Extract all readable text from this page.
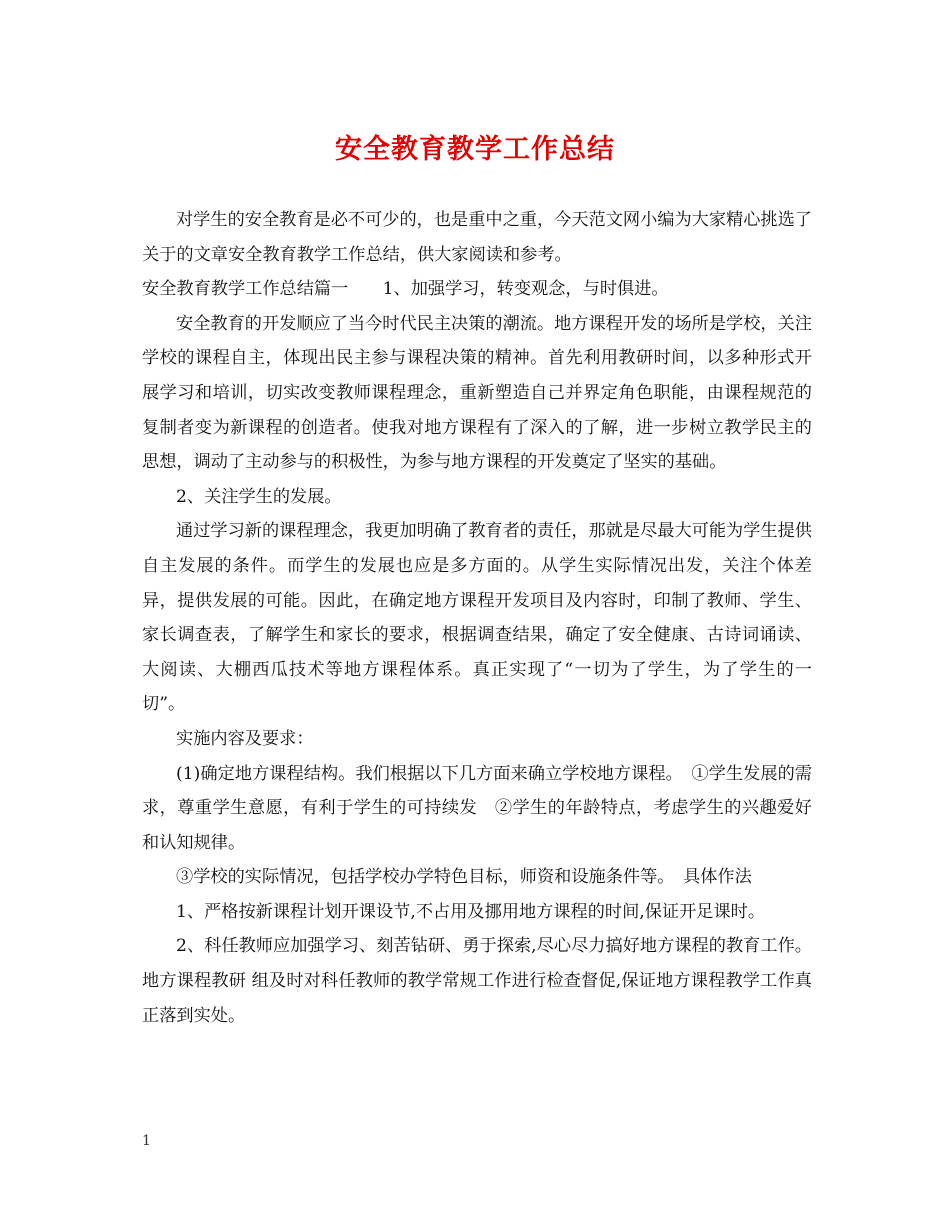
安全教育教学工作总结

对学生的安全教育是必不可少的，也是重中之重，今天范文网小编为大家精心挑选了关于的文章安全教育教学工作总结，供大家阅读和参考。

安全教育教学工作总结篇一　　1、加强学习，转变观念，与时俱进。

安全教育的开发顺应了当今时代民主决策的潮流。地方课程开发的场所是学校，关注学校的课程自主，体现出民主参与课程决策的精神。首先利用教研时间，以多种形式开展学习和培训，切实改变教师课程理念，重新塑造自己并界定角色职能，由课程规范的复制者变为新课程的创造者。使我对地方课程有了深入的了解，进一步树立教学民主的思想，调动了主动参与的积极性，为参与地方课程的开发奠定了坚实的基础。

2、关注学生的发展。

通过学习新的课程理念，我更加明确了教育者的责任，那就是尽最大可能为学生提供自主发展的条件。而学生的发展也应是多方面的。从学生实际情况出发，关注个体差异，提供发展的可能。因此，在确定地方课程开发项目及内容时，印制了教师、学生、家长调查表，了解学生和家长的要求，根据调查结果，确定了安全健康、古诗词诵读、大阅读、大棚西瓜技术等地方课程体系。真正实现了“一切为了学生，为了学生的一切”。

实施内容及要求：

(1)确定地方课程结构。我们根据以下几方面来确立学校地方课程。　①学生发展的需求，尊重学生意愿，有利于学生的可持续发　②学生的年龄特点，考虑学生的兴趣爱好和认知规律。

③学校的实际情况，包括学校办学特色目标，师资和设施条件等。　具体作法

1、严格按新课程计划开课设节,不占用及挪用地方课程的时间,保证开足课时。

2、科任教师应加强学习、刻苦钻研、勇于探索,尽心尽力搞好地方课程的教育工作。地方课程教研 组及时对科任教师的教学常规工作进行检查督促,保证地方课程教学工作真正落到实处。

1
